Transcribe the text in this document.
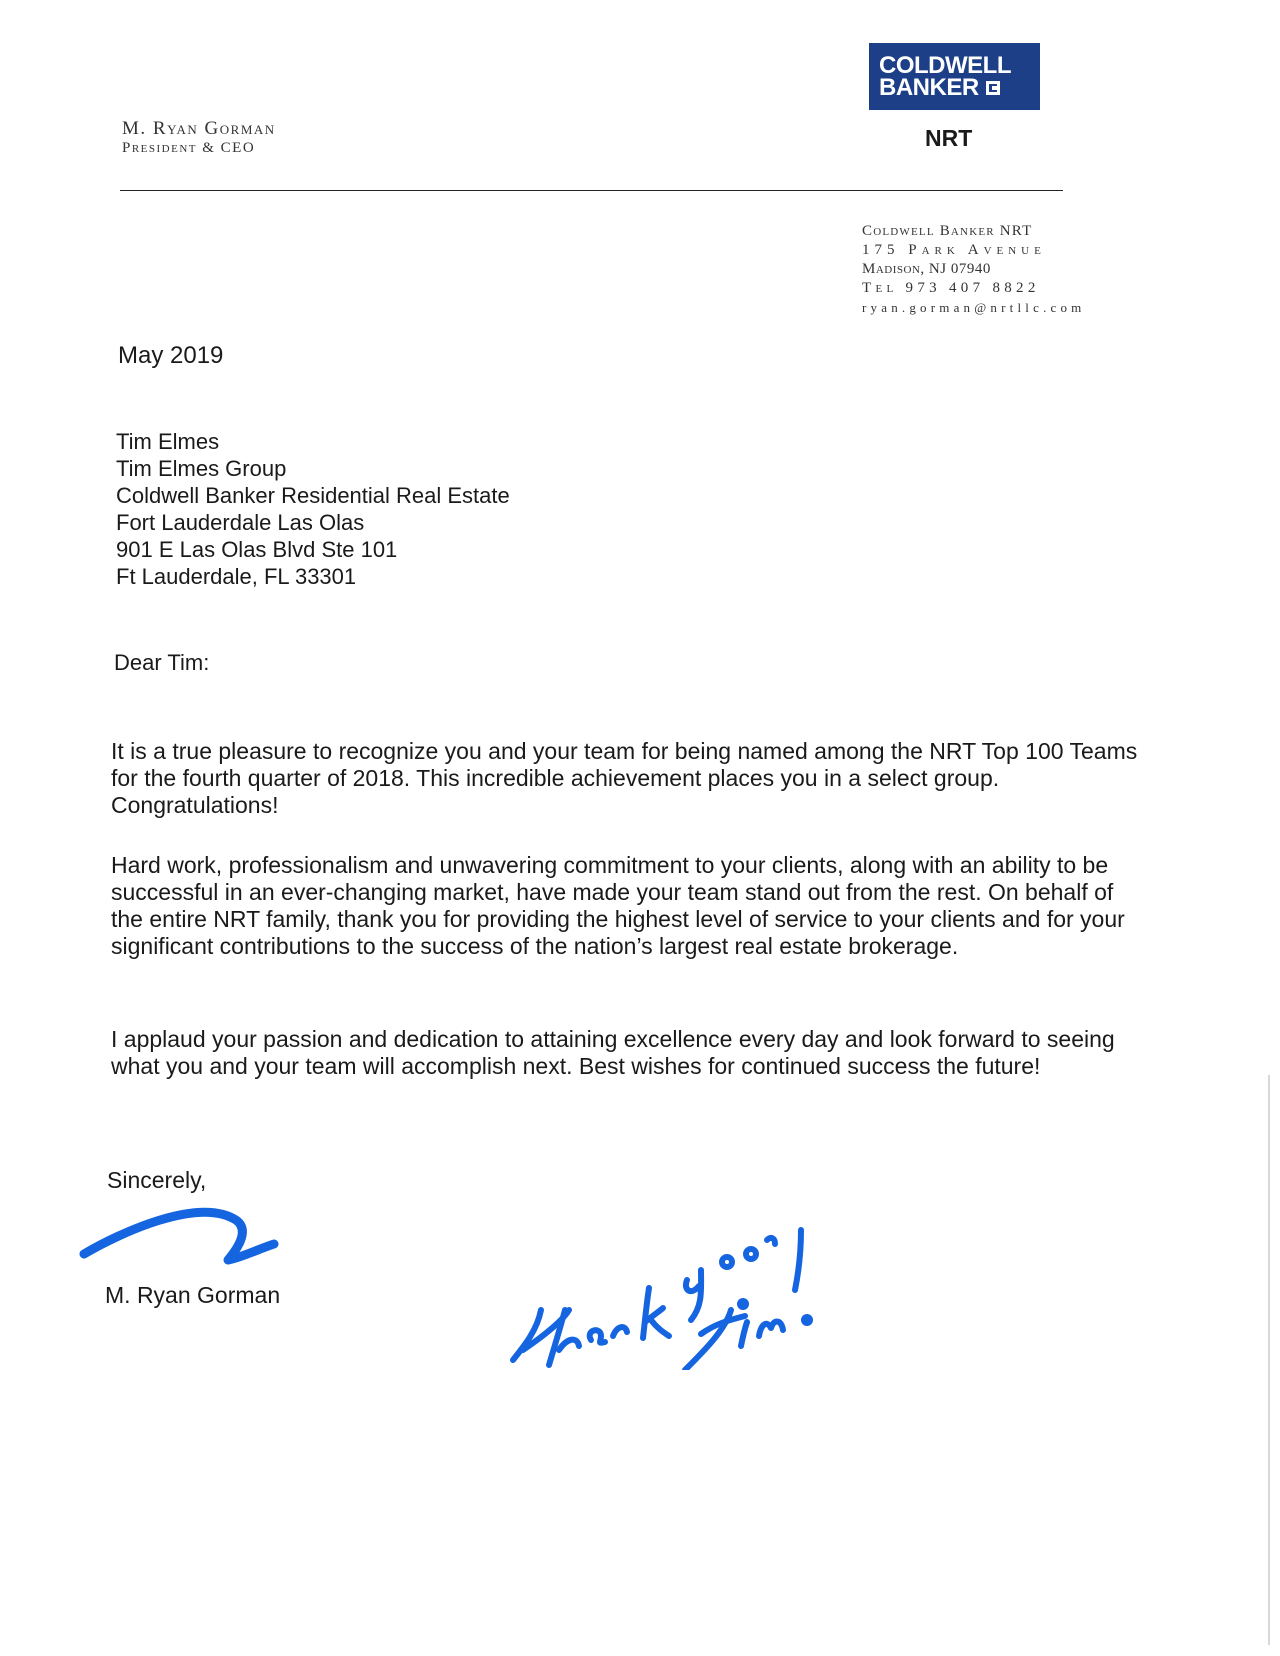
COLDWELL
BANKER
NRT
M. Ryan Gorman
President & CEO
Coldwell Banker NRT
175 Park Avenue
Madison, NJ 07940
Tel 973 407 8822
ryan.gorman@nrtllc.com
May 2019
Tim Elmes
Tim Elmes Group
Coldwell Banker Residential Real Estate
Fort Lauderdale Las Olas
901 E Las Olas Blvd Ste 101
Ft Lauderdale, FL 33301
Dear Tim:
It is a true pleasure to recognize you and your team for being named among the NRT Top 100 Teams for the fourth quarter of 2018. This incredible achievement places you in a select group. Congratulations!
Hard work, professionalism and unwavering commitment to your clients, along with an ability to be successful in an ever-changing market, have made your team stand out from the rest. On behalf of the entire NRT family, thank you for providing the highest level of service to your clients and for your significant contributions to the success of the nation’s largest real estate brokerage.
I applaud your passion and dedication to attaining excellence every day and look forward to seeing what you and your team will accomplish next. Best wishes for continued success the future!
Sincerely,
M. Ryan Gorman
